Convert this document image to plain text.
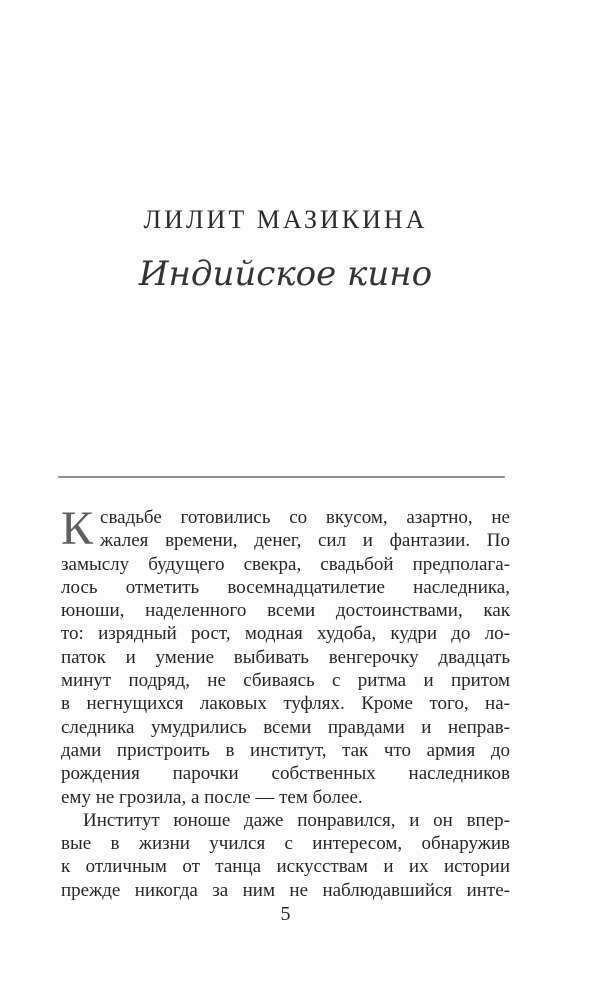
ЛИЛИТ МАЗИКИНА
Индийское кино
К свадьбе готовились со вкусом, азартно, не
жалея времени, денег, сил и фантазии. По
замыслу будущего свекра, свадьбой предполага-
лось отметить восемнадцатилетие наследника,
юноши, наделенного всеми достоинствами, как
то: изрядный рост, модная худоба, кудри до ло-
паток и умение выбивать венгерочку двадцать
минут подряд, не сбиваясь с ритма и притом
в негнущихся лаковых туфлях. Кроме того, на-
следника умудрились всеми правдами и неправ-
дами пристроить в институт, так что армия до
рождения парочки собственных наследников
ему не грозила, а после — тем более.
Институт юноше даже понравился, и он впер-
вые в жизни учился с интересом, обнаружив
к отличным от танца искусствам и их истории
прежде никогда за ним не наблюдавшийся инте-
5
